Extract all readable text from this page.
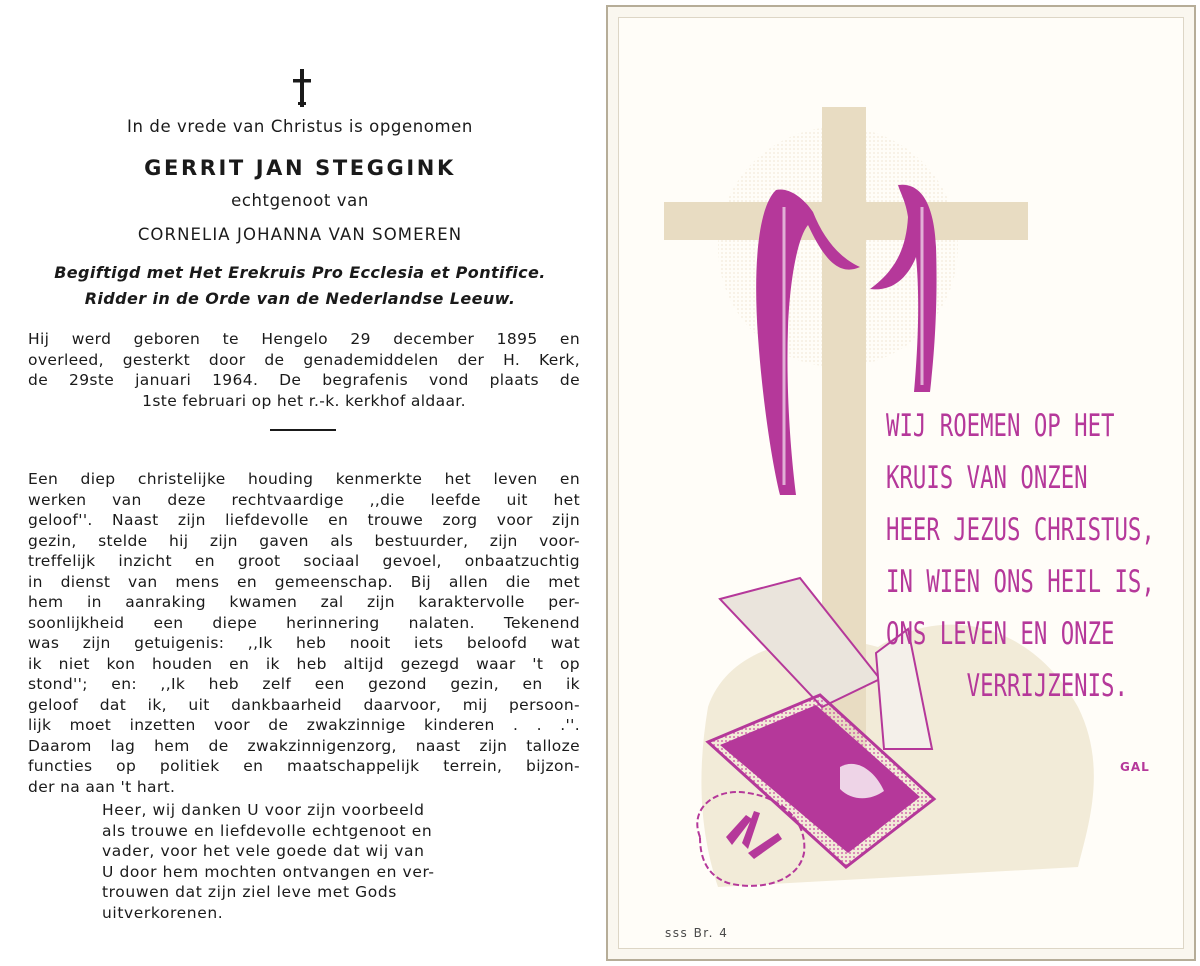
In de vrede van Christus is opgenomen
GERRIT JAN STEGGINK
echtgenoot van
CORNELIA JOHANNA VAN SOMEREN
Begiftigd met Het Erekruis Pro Ecclesia et Pontifice.
Ridder in de Orde van de Nederlandse Leeuw.
Hij werd geboren te Hengelo 29 december 1895 en
overleed, gesterkt door de genademiddelen der H. Kerk,
de 29ste januari 1964. De begrafenis vond plaats de
1ste februari op het r.-k. kerkhof aldaar.
Een diep christelijke houding kenmerkte het leven en
werken van deze rechtvaardige ,,die leefde uit het
geloof''. Naast zijn liefdevolle en trouwe zorg voor zijn
gezin, stelde hij zijn gaven als bestuurder, zijn voor-
treffelijk inzicht en groot sociaal gevoel, onbaatzuchtig
in dienst van mens en gemeenschap. Bij allen die met
hem in aanraking kwamen zal zijn karaktervolle per-
soonlijkheid een diepe herinnering nalaten. Tekenend
was zijn getuigenis: ,,Ik heb nooit iets beloofd wat
ik niet kon houden en ik heb altijd gezegd waar 't op
stond''; en: ,,Ik heb zelf een gezond gezin, en ik
geloof dat ik, uit dankbaarheid daarvoor, mij persoon-
lijk moet inzetten voor de zwakzinnige kinderen . . .''.
Daarom lag hem de zwakzinnigenzorg, naast zijn talloze
functies op politiek en maatschappelijk terrein, bijzon-
der na aan 't hart.
Heer, wij danken U voor zijn voorbeeld
als trouwe en liefdevolle echtgenoot en
vader, voor het vele goede dat wij van
U door hem mochten ontvangen en ver-
trouwen dat zijn ziel leve met Gods
uitverkorenen.
WIJ ROEMEN OP HET
KRUIS VAN ONZEN
HEER JEZUS CHRISTUS,
IN WIEN ONS HEIL IS,
ONS LEVEN EN ONZE
VERRIJZENIS.
GAL
sss Br. 4
